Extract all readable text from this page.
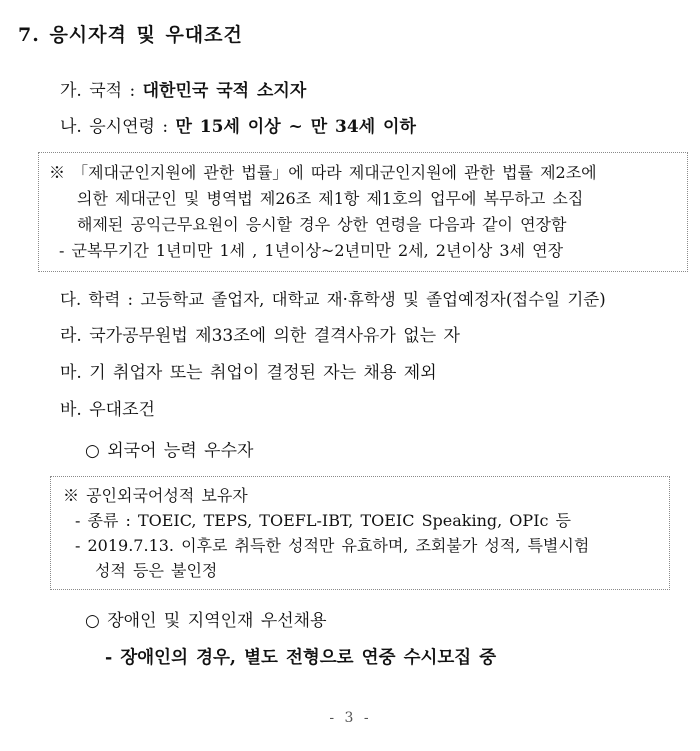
7. 응시자격 및 우대조건
가. 국적 : 대한민국 국적 소지자
나. 응시연령 : 만 15세 이상 ~ 만 34세 이하
※ 「제대군인지원에 관한 법률」에 따라 제대군인지원에 관한 법률 제2조에
의한 제대군인 및 병역법 제26조 제1항 제1호의 업무에 복무하고 소집
해제된 공익근무요원이 응시할 경우 상한 연령을 다음과 같이 연장함
- 군복무기간 1년미만 1세 , 1년이상~2년미만 2세, 2년이상 3세 연장
다. 학력 : 고등학교 졸업자, 대학교 재·휴학생 및 졸업예정자(접수일 기준)
라. 국가공무원법 제33조에 의한 결격사유가 없는 자
마. 기 취업자 또는 취업이 결정된 자는 채용 제외
바. 우대조건
○ 외국어 능력 우수자
※ 공인외국어성적 보유자
- 종류 : TOEIC, TEPS, TOEFL-IBT, TOEIC Speaking, OPIc 등
- 2019.7.13. 이후로 취득한 성적만 유효하며, 조회불가 성적, 특별시험
성적 등은 불인정
○ 장애인 및 지역인재 우선채용
- 장애인의 경우, 별도 전형으로 연중 수시모집 중
- 3 -
